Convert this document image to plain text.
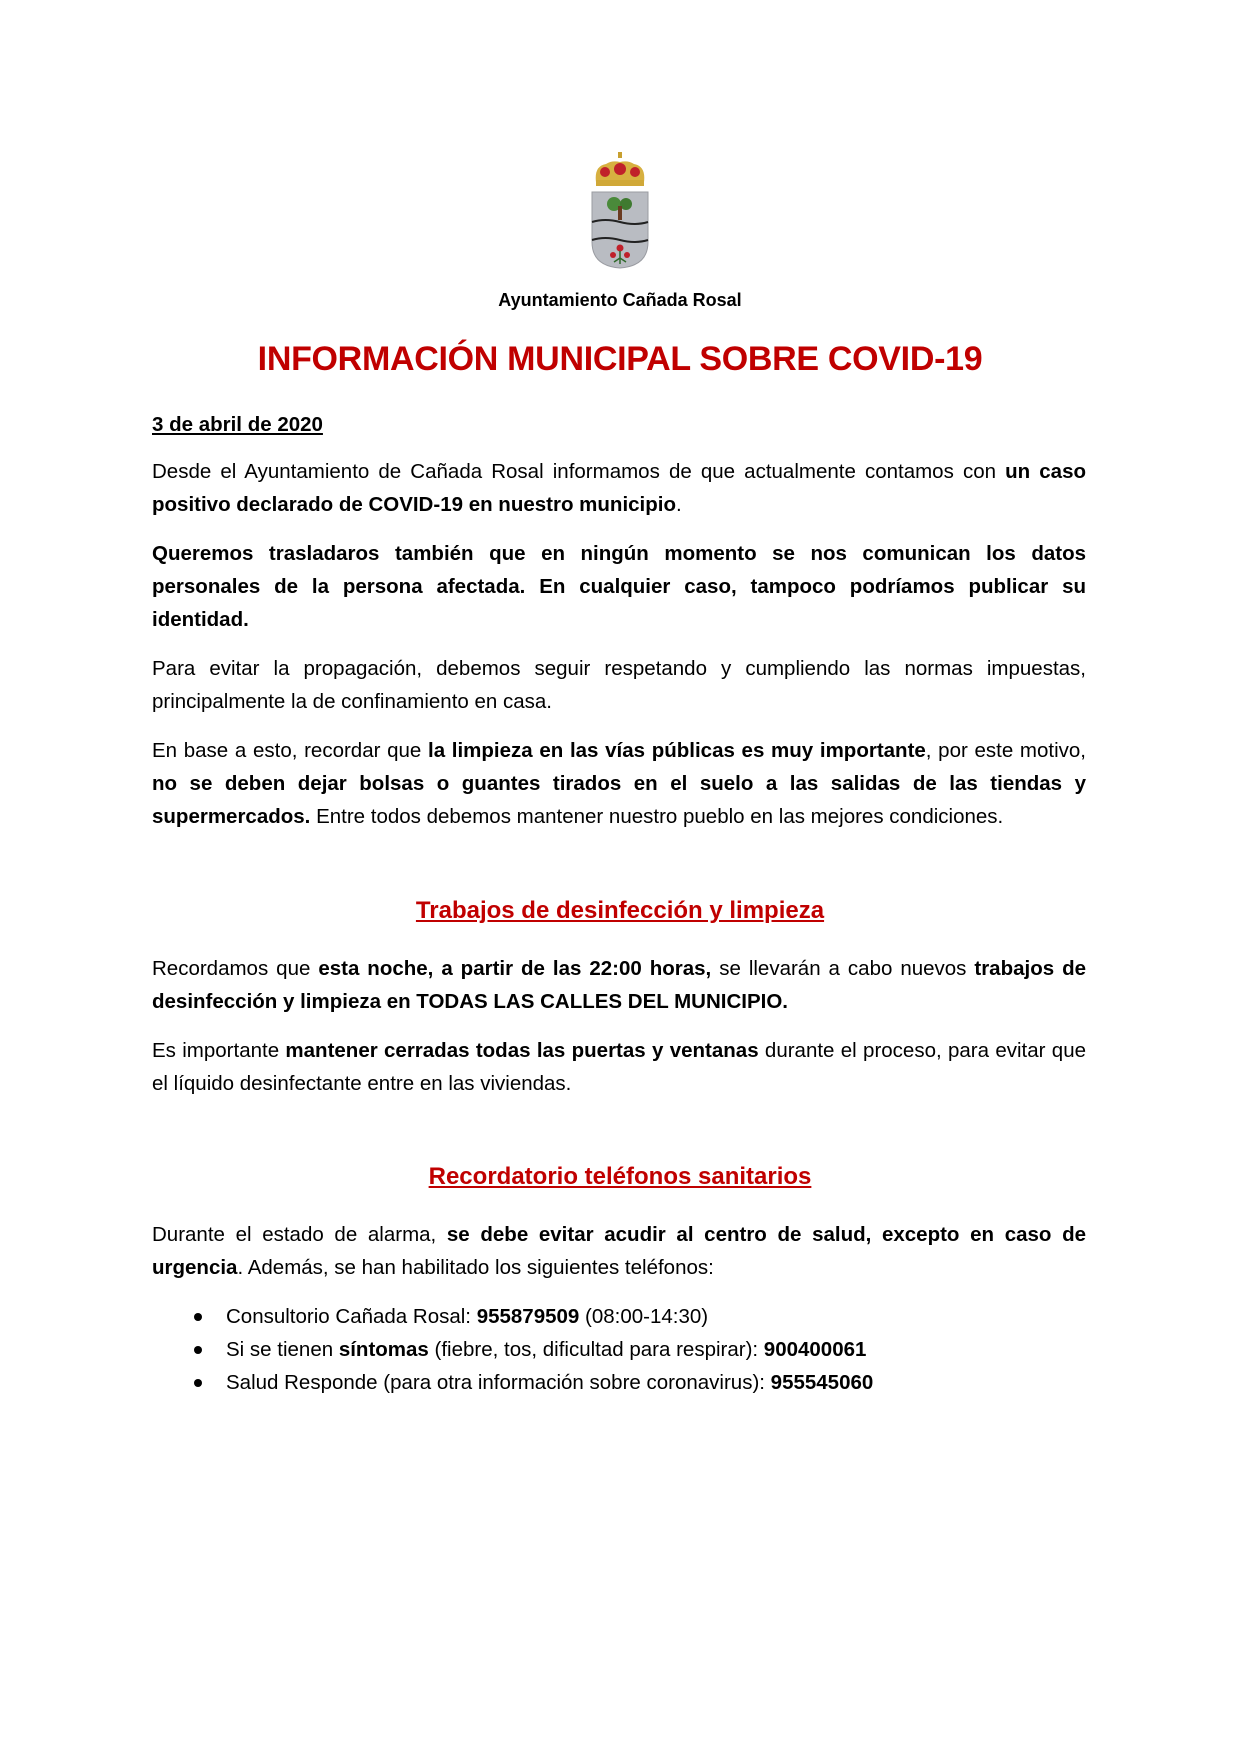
Ayuntamiento Cañada Rosal
INFORMACIÓN MUNICIPAL SOBRE COVID-19
3 de abril de 2020

Desde el Ayuntamiento de Cañada Rosal informamos de que actualmente contamos con un caso positivo declarado de COVID-19 en nuestro municipio.

Queremos trasladaros también que en ningún momento se nos comunican los datos personales de la persona afectada. En cualquier caso, tampoco podríamos publicar su identidad.

Para evitar la propagación, debemos seguir respetando y cumpliendo las normas impuestas, principalmente la de confinamiento en casa.

En base a esto, recordar que la limpieza en las vías públicas es muy importante, por este motivo, no se deben dejar bolsas o guantes tirados en el suelo a las salidas de las tiendas y supermercados. Entre todos debemos mantener nuestro pueblo en las mejores condiciones.

Trabajos de desinfección y limpieza

Recordamos que esta noche, a partir de las 22:00 horas, se llevarán a cabo nuevos trabajos de desinfección y limpieza en TODAS LAS CALLES DEL MUNICIPIO.

Es importante mantener cerradas todas las puertas y ventanas durante el proceso, para evitar que el líquido desinfectante entre en las viviendas.

Recordatorio teléfonos sanitarios

Durante el estado de alarma, se debe evitar acudir al centro de salud, excepto en caso de urgencia. Además, se han habilitado los siguientes teléfonos:

Consultorio Cañada Rosal: 955879509 (08:00-14:30)
Si se tienen síntomas (fiebre, tos, dificultad para respirar): 900400061
Salud Responde (para otra información sobre coronavirus): 955545060
